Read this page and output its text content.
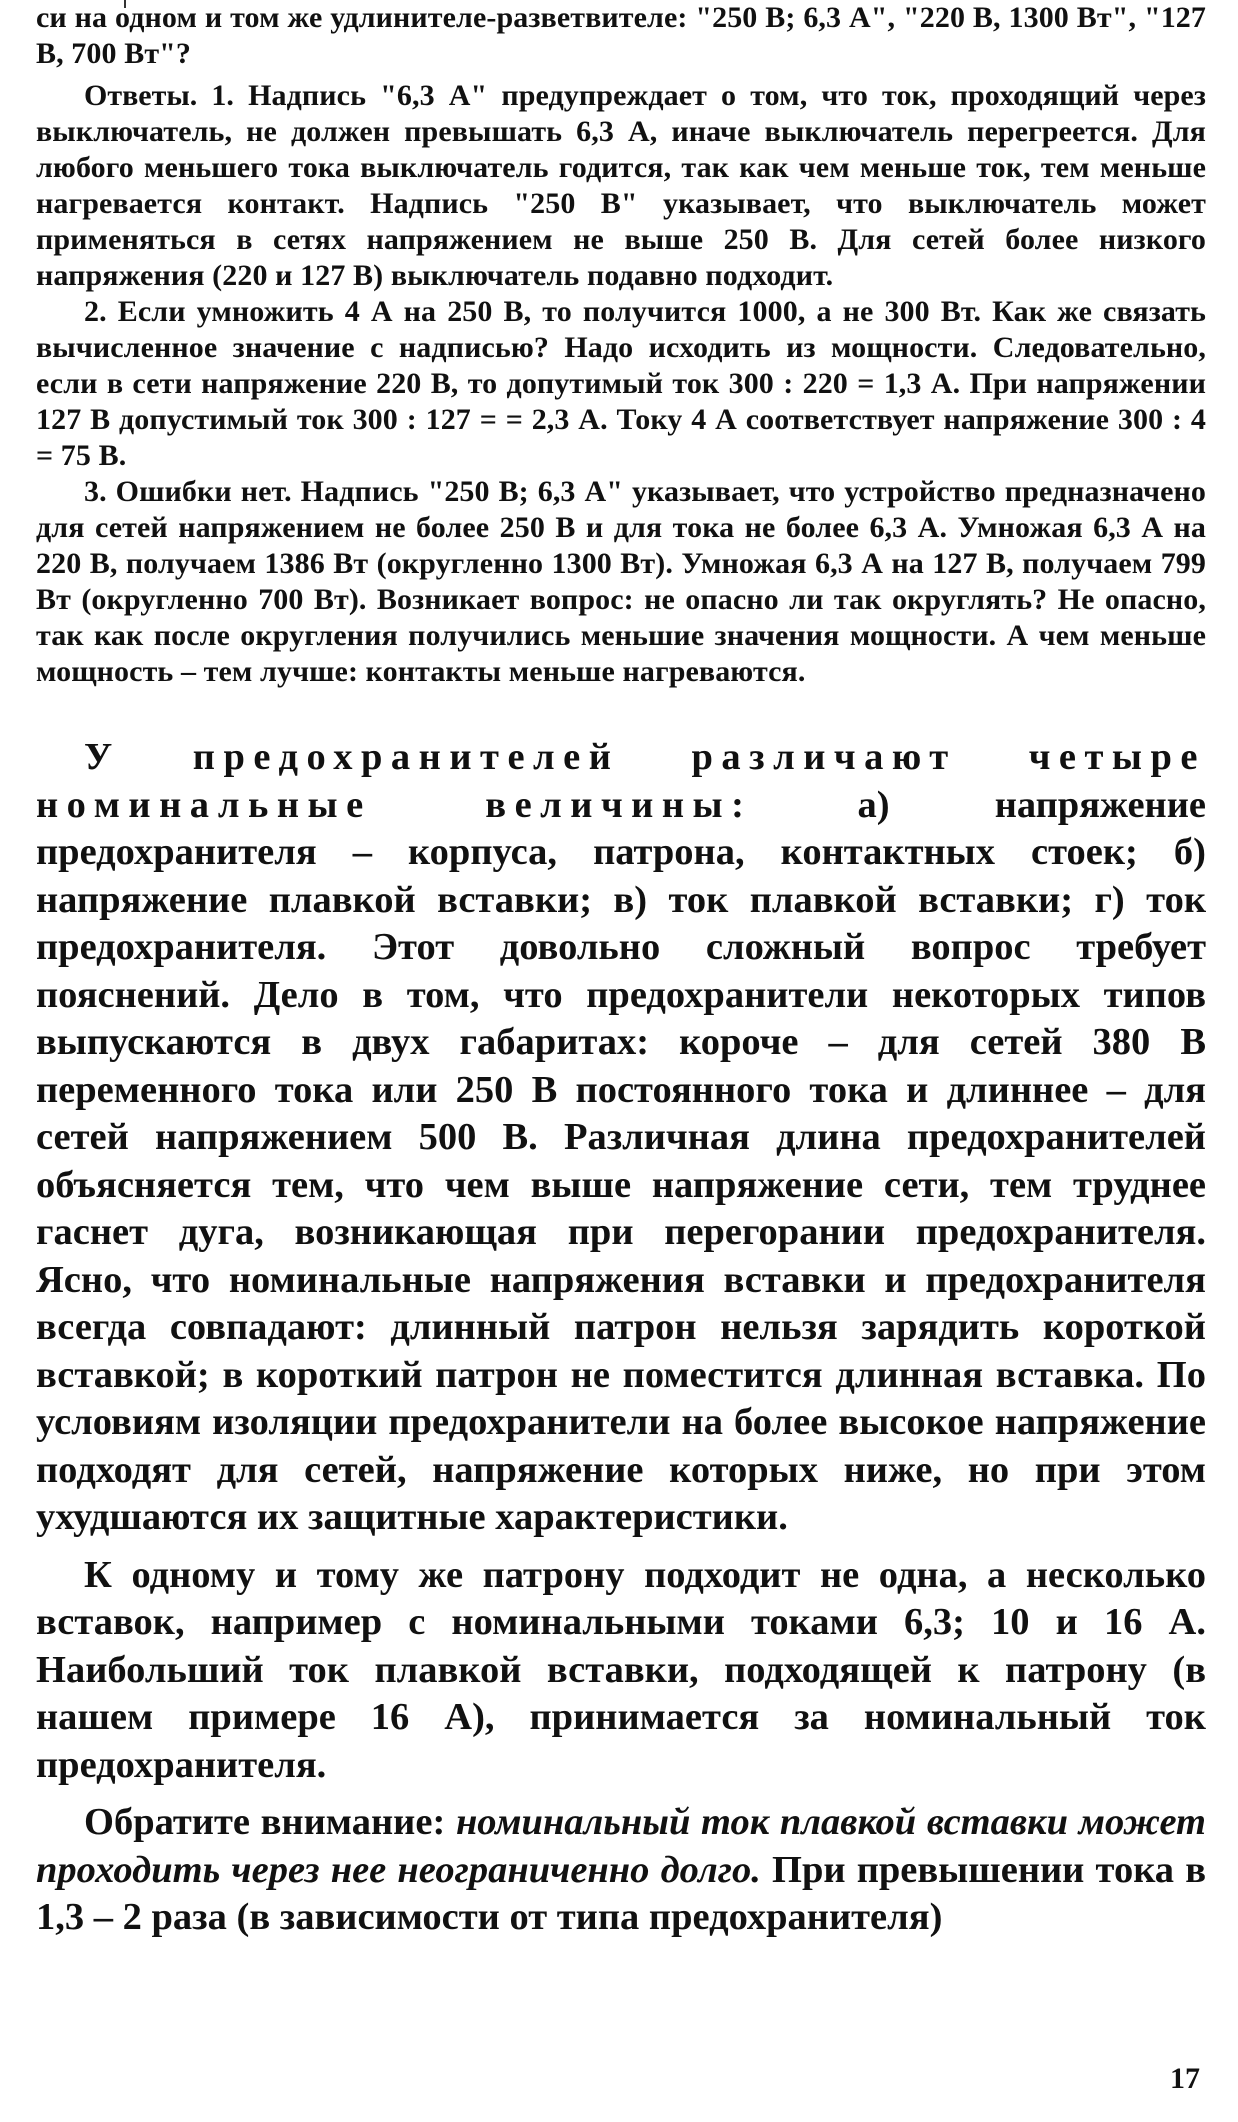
си на одном и том же удлинителе-разветвителе: "250 В; 6,3 А", "220 В, 1300 Вт", "127 В, 700 Вт"?

Ответы. 1. Надпись "6,3 А" предупреждает о том, что ток, проходящий через выключатель, не должен превышать 6,3 А, иначе выключатель перегреется. Для любого меньшего тока выключатель годится, так как чем меньше ток, тем меньше нагревается контакт. Надпись "250 В" указывает, что выключатель может применяться в сетях напряжением не выше 250 В. Для сетей более низкого напряжения (220 и 127 В) выключатель подавно подходит.

2. Если умножить 4 А на 250 В, то получится 1000, а не 300 Вт. Как же связать вычисленное значение с надписью? Надо исходить из мощности. Следовательно, если в сети напряжение 220 В, то допутимый ток 300 : 220 = 1,3 А. При напряжении 127 В допустимый ток 300 : 127 = = 2,3 А. Току 4 А соответствует напряжение 300 : 4 = 75 В.

3. Ошибки нет. Надпись "250 В; 6,3 А" указывает, что устройство предназначено для сетей напряжением не более 250 В и для тока не более 6,3 А. Умножая 6,3 А на 220 В, получаем 1386 Вт (округленно 1300 Вт). Умножая 6,3 А на 127 В, получаем 799 Вт (округленно 700 Вт). Возникает вопрос: не опасно ли так округлять? Не опасно, так как после округления получились меньшие значения мощности. А чем меньше мощность – тем лучше: контакты меньше нагреваются.

У предохранителей различают четыре номинальные величины: а) напряжение предохранителя – корпуса, патрона, контактных стоек; б) напряжение плавкой вставки; в) ток плавкой вставки; г) ток предохранителя. Этот довольно сложный вопрос требует пояснений. Дело в том, что предохранители некоторых типов выпускаются в двух габаритах: короче – для сетей 380 В переменного тока или 250 В постоянного тока и длиннее – для сетей напряжением 500 В. Различная длина предохранителей объясняется тем, что чем выше напряжение сети, тем труднее гаснет дуга, возникающая при перегорании предохранителя. Ясно, что номинальные напряжения вставки и предохранителя всегда совпадают: длинный патрон нельзя зарядить короткой вставкой; в короткий патрон не поместится длинная вставка. По условиям изоляции предохранители на более высокое напряжение подходят для сетей, напряжение которых ниже, но при этом ухудшаются их защитные характеристики.

К одному и тому же патрону подходит не одна, а несколько вставок, например с номинальными токами 6,3; 10 и 16 А. Наибольший ток плавкой вставки, подходящей к патрону (в нашем примере 16 А), принимается за номинальный ток предохранителя.

Обратите внимание: номинальный ток плавкой вставки может проходить через нее неограниченно долго. При превышении тока в 1,3 – 2 раза (в зависимости от типа предохранителя)

17
